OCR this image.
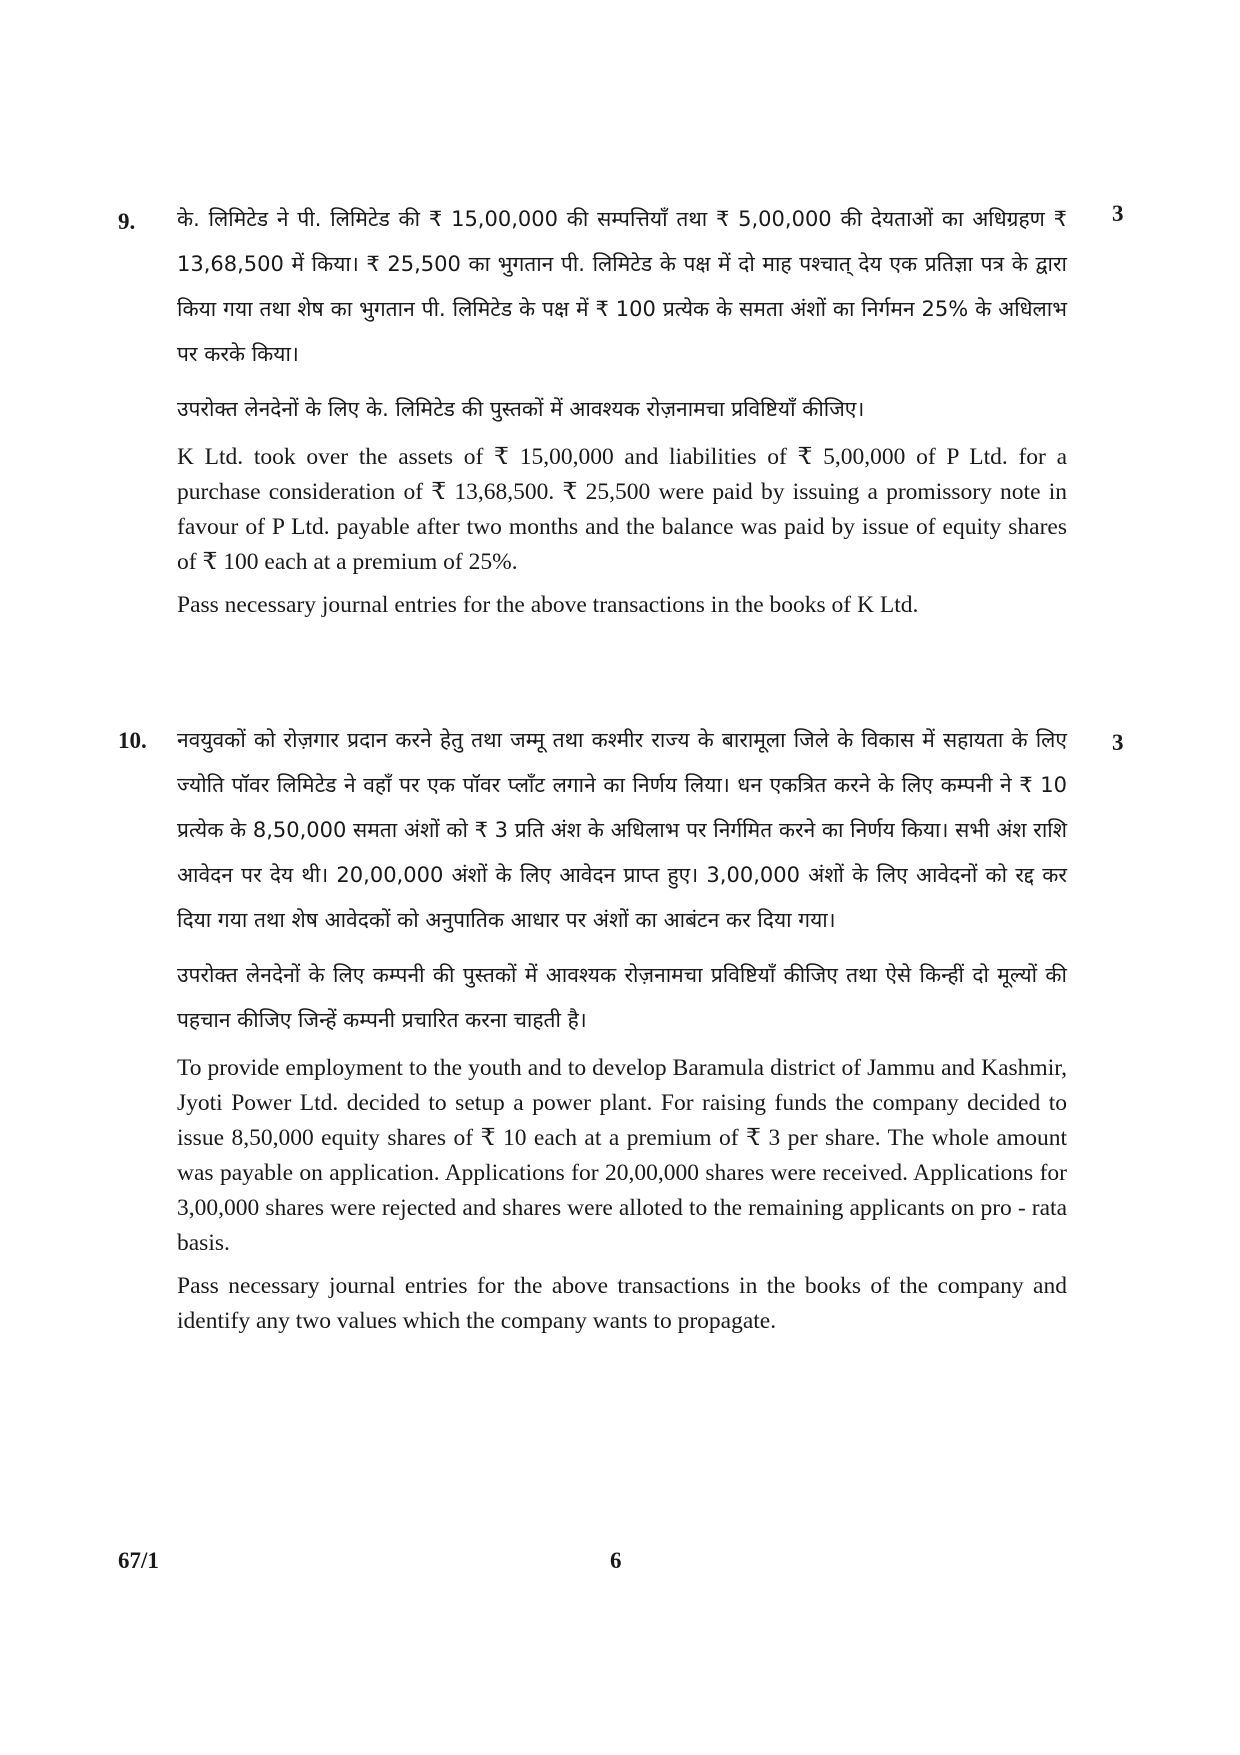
9.	3

के. लिमिटेड ने पी. लिमिटेड की ₹ 15,00,000 की सम्पत्तियाँ तथा ₹ 5,00,000 की देयताओं का अधिग्रहण ₹ 13,68,500 में किया। ₹ 25,500 का भुगतान पी. लिमिटेड के पक्ष में दो माह पश्चात् देय एक प्रतिज्ञा पत्र के द्वारा किया गया तथा शेष का भुगतान पी. लिमिटेड के पक्ष में ₹ 100 प्रत्येक के समता अंशों का निर्गमन 25% के अधिलाभ पर करके किया।

उपरोक्त लेनदेनों के लिए के. लिमिटेड की पुस्तकों में आवश्यक रोज़नामचा प्रविष्टियाँ कीजिए।

K Ltd. took over the assets of ₹ 15,00,000 and liabilities of ₹ 5,00,000 of P Ltd. for a purchase consideration of ₹ 13,68,500. ₹ 25,500 were paid by issuing a promissory note in favour of P Ltd. payable after two months and the balance was paid by issue of equity shares of ₹ 100 each at a premium of 25%.

Pass necessary journal entries for the above transactions in the books of K Ltd.

10.	3

नवयुवकों को रोज़गार प्रदान करने हेतु तथा जम्मू तथा कश्मीर राज्य के बारामूला जिले के विकास में सहायता के लिए ज्योति पॉवर लिमिटेड ने वहाँ पर एक पॉवर प्लाँट लगाने का निर्णय लिया। धन एकत्रित करने के लिए कम्पनी ने ₹ 10 प्रत्येक के 8,50,000 समता अंशों को ₹ 3 प्रति अंश के अधिलाभ पर निर्गमित करने का निर्णय किया। सभी अंश राशि आवेदन पर देय थी। 20,00,000 अंशों के लिए आवेदन प्राप्त हुए। 3,00,000 अंशों के लिए आवेदनों को रद्द कर दिया गया तथा शेष आवेदकों को अनुपातिक आधार पर अंशों का आबंटन कर दिया गया।

उपरोक्त लेनदेनों के लिए कम्पनी की पुस्तकों में आवश्यक रोज़नामचा प्रविष्टियाँ कीजिए तथा ऐसे किन्हीं दो मूल्यों की पहचान कीजिए जिन्हें कम्पनी प्रचारित करना चाहती है।

To provide employment to the youth and to develop Baramula district of Jammu and Kashmir, Jyoti Power Ltd. decided to setup a power plant. For raising funds the company decided to issue 8,50,000 equity shares of ₹ 10 each at a premium of ₹ 3 per share. The whole amount was payable on application. Applications for 20,00,000 shares were received. Applications for 3,00,000 shares were rejected and shares were alloted to the remaining applicants on pro - rata basis.

Pass necessary journal entries for the above transactions in the books of the company and identify any two values which the company wants to propagate.

67/1	6
